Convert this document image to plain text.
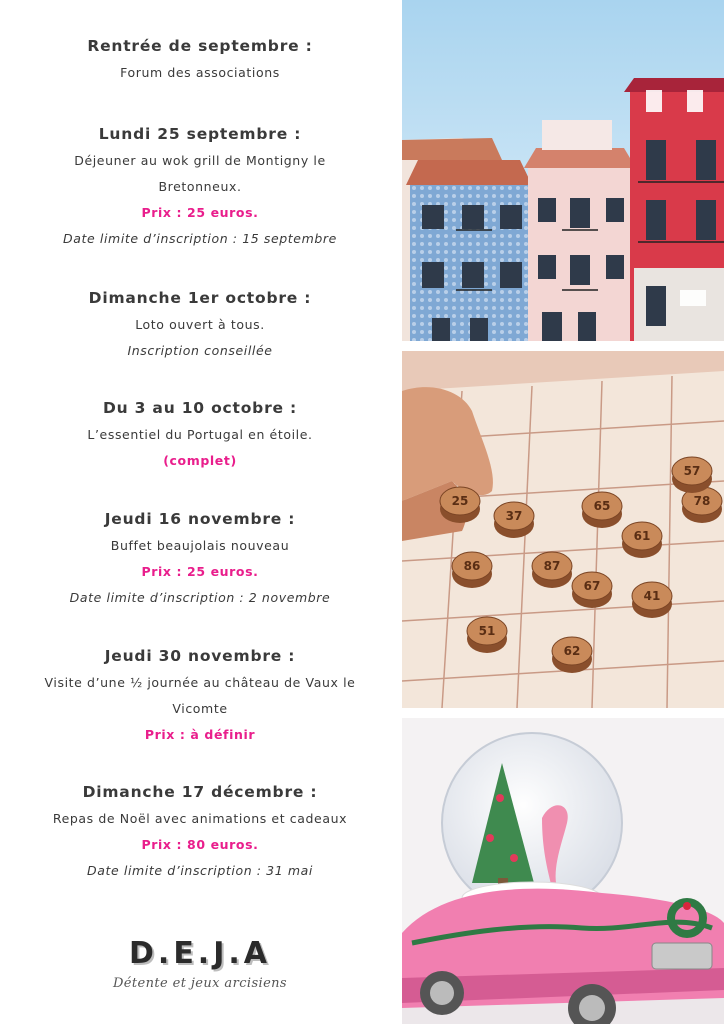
Rentrée de septembre :
Forum des associations
Lundi 25 septembre :
Déjeuner au wok grill de Montigny le
Bretonneux.
Prix : 25 euros.
Date limite d’inscription : 15 septembre
Dimanche 1er octobre :
Loto ouvert à tous.
Inscription conseillée
Du 3 au 10 octobre :
L’essentiel du Portugal en étoile.
(complet)
Jeudi 16 novembre :
Buffet beaujolais nouveau
Prix : 25 euros.
Date limite d’inscription : 2 novembre
Jeudi 30 novembre :
Visite d’une ½ journée au château de Vaux le
Vicomte
Prix : à définir
Dimanche 17 décembre :
Repas de Noël avec animations et cadeaux
Prix : 80 euros.
Date limite d’inscription : 31 mai
D.E.J.A
Détente et jeux arcisiens
25
37
65
61
86	87
78
67
41
62
51
57
